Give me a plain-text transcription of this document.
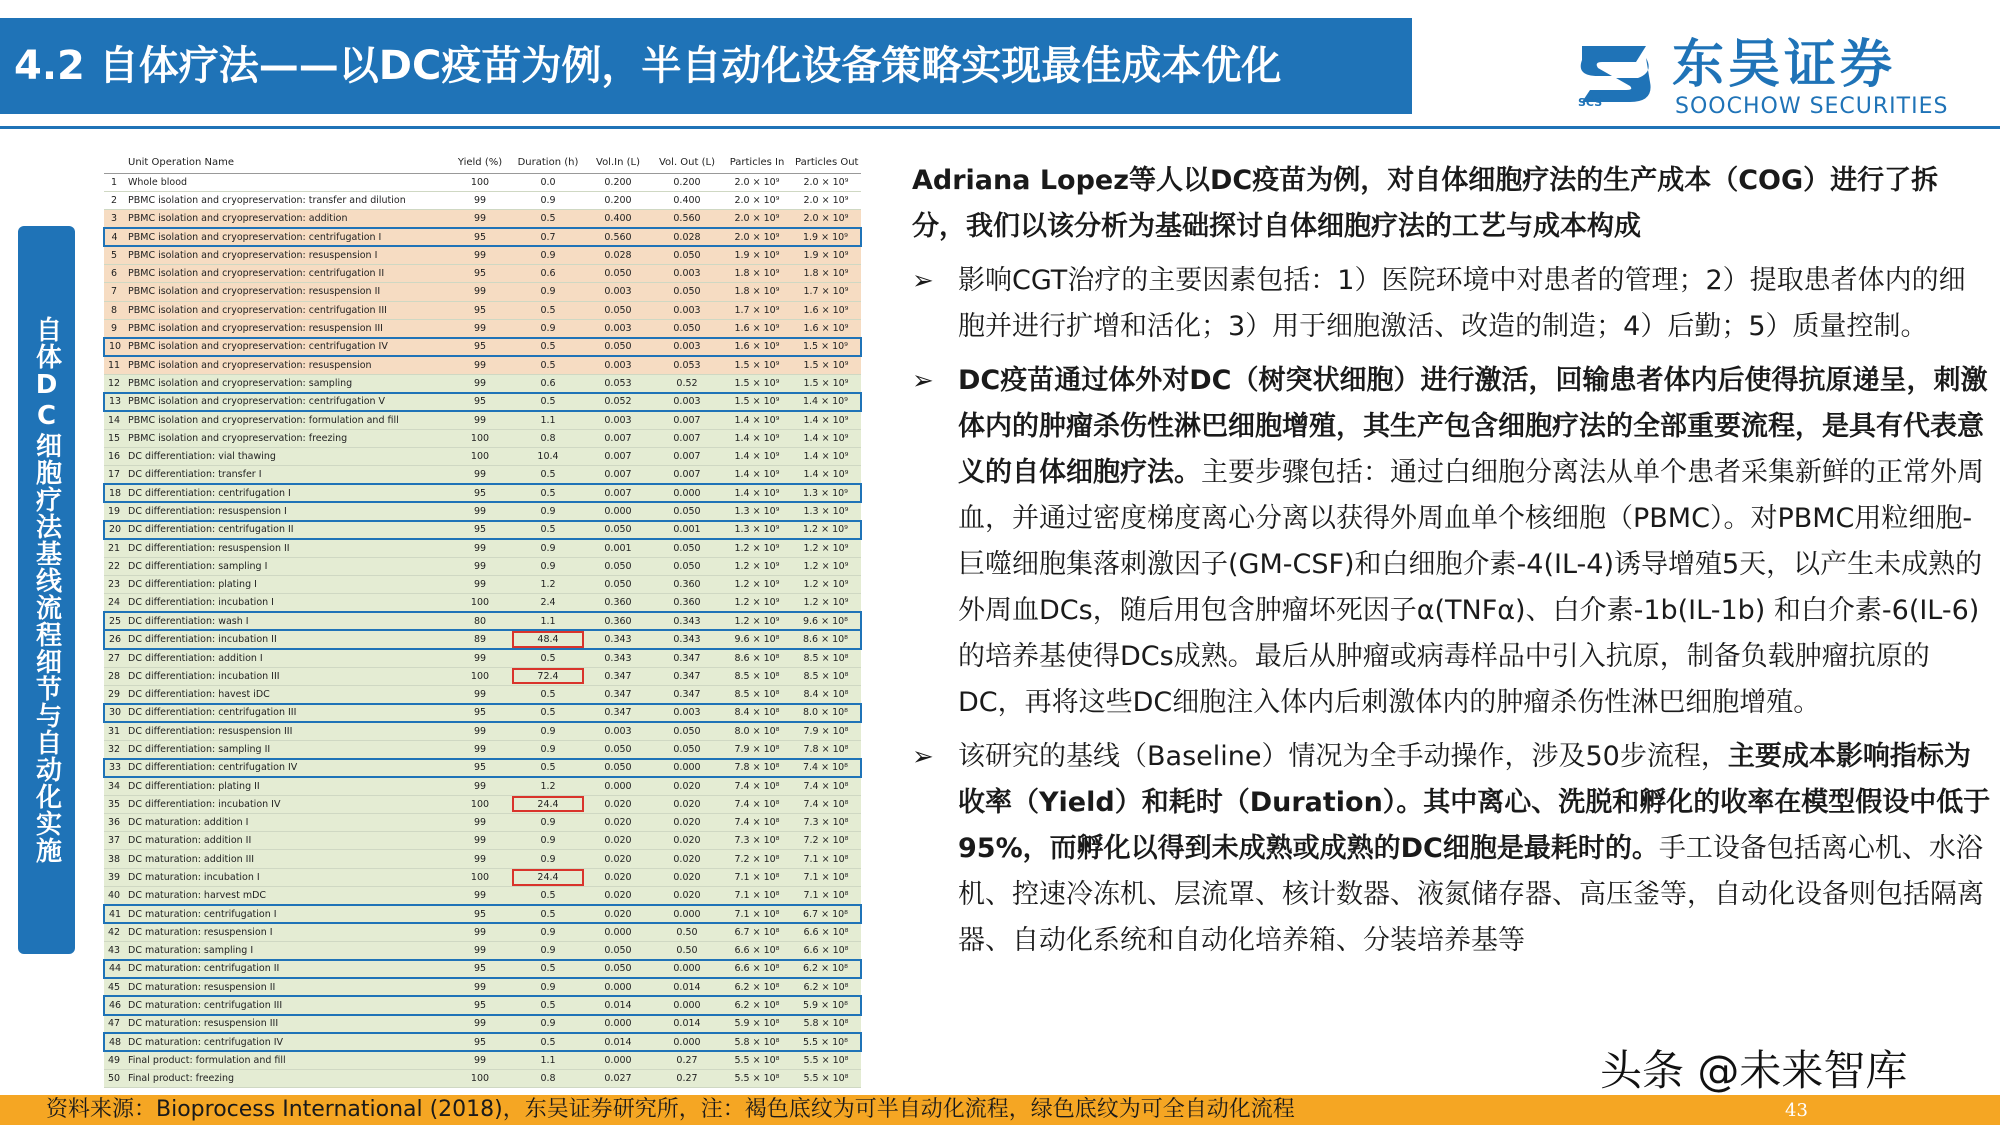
4.2 自体疗法——以DC疫苗为例，半自动化设备策略实现最佳成本优化
SCS
东吴证券
SOOCHOW SECURITIES
自体DC细胞疗法基线流程细节与自动化实施
	Unit Operation Name	Yield (%)	Duration (h)	Vol.In (L)	Vol. Out (L)	Particles In	Particles Out
1	Whole blood	100	0.0	0.200	0.200	2.0 × 10⁹	2.0 × 10⁹
2	PBMC isolation and cryopreservation: transfer and dilution	99	0.9	0.200	0.400	2.0 × 10⁹	2.0 × 10⁹
3	PBMC isolation and cryopreservation: addition	99	0.5	0.400	0.560	2.0 × 10⁹	2.0 × 10⁹
4	PBMC isolation and cryopreservation: centrifugation I	95	0.7	0.560	0.028	2.0 × 10⁹	1.9 × 10⁹
5	PBMC isolation and cryopreservation: resuspension I	99	0.9	0.028	0.050	1.9 × 10⁹	1.9 × 10⁹
6	PBMC isolation and cryopreservation: centrifugation II	95	0.6	0.050	0.003	1.8 × 10⁹	1.8 × 10⁹
7	PBMC isolation and cryopreservation: resuspension II	99	0.9	0.003	0.050	1.8 × 10⁹	1.7 × 10⁹
8	PBMC isolation and cryopreservation: centrifugation III	95	0.5	0.050	0.003	1.7 × 10⁹	1.6 × 10⁹
9	PBMC isolation and cryopreservation: resuspension III	99	0.9	0.003	0.050	1.6 × 10⁹	1.6 × 10⁹
10	PBMC isolation and cryopreservation: centrifugation IV	95	0.5	0.050	0.003	1.6 × 10⁹	1.5 × 10⁹
11	PBMC isolation and cryopreservation: resuspension	99	0.5	0.003	0.053	1.5 × 10⁹	1.5 × 10⁹
12	PBMC isolation and cryopreservation: sampling	99	0.6	0.053	0.52	1.5 × 10⁹	1.5 × 10⁹
13	PBMC isolation and cryopreservation: centrifugation V	95	0.5	0.052	0.003	1.5 × 10⁹	1.4 × 10⁹
14	PBMC isolation and cryopreservation: formulation and fill	99	1.1	0.003	0.007	1.4 × 10⁹	1.4 × 10⁹
15	PBMC isolation and cryopreservation: freezing	100	0.8	0.007	0.007	1.4 × 10⁹	1.4 × 10⁹
16	DC differentiation: vial thawing	100	10.4	0.007	0.007	1.4 × 10⁹	1.4 × 10⁹
17	DC differentiation: transfer I	99	0.5	0.007	0.007	1.4 × 10⁹	1.4 × 10⁹
18	DC differentiation: centrifugation I	95	0.5	0.007	0.000	1.4 × 10⁹	1.3 × 10⁹
19	DC differentiation: resuspension I	99	0.9	0.000	0.050	1.3 × 10⁹	1.3 × 10⁹
20	DC differentiation: centrifugation II	95	0.5	0.050	0.001	1.3 × 10⁹	1.2 × 10⁹
21	DC differentiation: resuspension II	99	0.9	0.001	0.050	1.2 × 10⁹	1.2 × 10⁹
22	DC differentiation: sampling I	99	0.9	0.050	0.050	1.2 × 10⁹	1.2 × 10⁹
23	DC differentiation: plating I	99	1.2	0.050	0.360	1.2 × 10⁹	1.2 × 10⁹
24	DC differentiation: incubation I	100	2.4	0.360	0.360	1.2 × 10⁹	1.2 × 10⁹
25	DC differentiation: wash I	80	1.1	0.360	0.343	1.2 × 10⁹	9.6 × 10⁸
26	DC differentiation: incubation II	89	48.4	0.343	0.343	9.6 × 10⁸	8.6 × 10⁸
27	DC differentiation: addition I	99	0.5	0.343	0.347	8.6 × 10⁸	8.5 × 10⁸
28	DC differentiation: incubation III	100	72.4	0.347	0.347	8.5 × 10⁸	8.5 × 10⁸
29	DC differentiation: havest iDC	99	0.5	0.347	0.347	8.5 × 10⁸	8.4 × 10⁸
30	DC differentiation: centrifugation III	95	0.5	0.347	0.003	8.4 × 10⁸	8.0 × 10⁸
31	DC differentiation: resuspension III	99	0.9	0.003	0.050	8.0 × 10⁸	7.9 × 10⁸
32	DC differentiation: sampling II	99	0.9	0.050	0.050	7.9 × 10⁸	7.8 × 10⁸
33	DC differentiation: centrifugation IV	95	0.5	0.050	0.000	7.8 × 10⁸	7.4 × 10⁸
34	DC differentiation: plating II	99	1.2	0.000	0.020	7.4 × 10⁸	7.4 × 10⁸
35	DC differentiation: incubation IV	100	24.4	0.020	0.020	7.4 × 10⁸	7.4 × 10⁸
36	DC maturation: addition I	99	0.9	0.020	0.020	7.4 × 10⁸	7.3 × 10⁸
37	DC maturation: addition II	99	0.9	0.020	0.020	7.3 × 10⁸	7.2 × 10⁸
38	DC maturation: addition III	99	0.9	0.020	0.020	7.2 × 10⁸	7.1 × 10⁸
39	DC maturation: incubation I	100	24.4	0.020	0.020	7.1 × 10⁸	7.1 × 10⁸
40	DC maturation: harvest mDC	99	0.5	0.020	0.020	7.1 × 10⁸	7.1 × 10⁸
41	DC maturation: centrifugation I	95	0.5	0.020	0.000	7.1 × 10⁸	6.7 × 10⁸
42	DC maturation: resuspension I	99	0.9	0.000	0.50	6.7 × 10⁸	6.6 × 10⁸
43	DC maturation: sampling I	99	0.9	0.050	0.50	6.6 × 10⁸	6.6 × 10⁸
44	DC maturation: centrifugation II	95	0.5	0.050	0.000	6.6 × 10⁸	6.2 × 10⁸
45	DC maturation: resuspension II	99	0.9	0.000	0.014	6.2 × 10⁸	6.2 × 10⁸
46	DC maturation: centrifugation III	95	0.5	0.014	0.000	6.2 × 10⁸	5.9 × 10⁸
47	DC maturation: resuspension III	99	0.9	0.000	0.014	5.9 × 10⁸	5.8 × 10⁸
48	DC maturation: centrifugation IV	95	0.5	0.014	0.000	5.8 × 10⁸	5.5 × 10⁸
49	Final product: formulation and fill	99	1.1	0.000	0.27	5.5 × 10⁸	5.5 × 10⁸
50	Final product: freezing	100	0.8	0.027	0.27	5.5 × 10⁸	5.5 × 10⁸
Adriana Lopez等人以DC疫苗为例，对自体细胞疗法的生产成本（COG）进行了拆分，我们以该分析为基础探讨自体细胞疗法的工艺与成本构成
➢ 影响CGT治疗的主要因素包括：1）医院环境中对患者的管理；2）提取患者体内的细胞并进行扩增和活化；3）用于细胞激活、改造的制造；4）后勤；5）质量控制。
➢ DC疫苗通过体外对DC（树突状细胞）进行激活，回输患者体内后使得抗原递呈，刺激体内的肿瘤杀伤性淋巴细胞增殖，其生产包含细胞疗法的全部重要流程，是具有代表意义的自体细胞疗法。主要步骤包括：通过白细胞分离法从单个患者采集新鲜的正常外周血，并通过密度梯度离心分离以获得外周血单个核细胞（PBMC）。对PBMC用粒细胞-巨噬细胞集落刺激因子(GM-CSF)和白细胞介素-4(IL-4)诱导增殖5天，以产生未成熟的外周血DCs，随后用包含肿瘤坏死因子α(TNFα)、白介素-1b(IL-1b) 和白介素-6(IL-6)的培养基使得DCs成熟。最后从肿瘤或病毒样品中引入抗原，制备负载肿瘤抗原的DC，再将这些DC细胞注入体内后刺激体内的肿瘤杀伤性淋巴细胞增殖。
➢ 该研究的基线（Baseline）情况为全手动操作，涉及50步流程，主要成本影响指标为收率（Yield）和耗时（Duration）。其中离心、洗脱和孵化的收率在模型假设中低于95%，而孵化以得到未成熟或成熟的DC细胞是最耗时的。手工设备包括离心机、水浴机、控速冷冻机、层流罩、核计数器、液氮储存器、高压釜等，自动化设备则包括隔离器、自动化系统和自动化培养箱、分装培养基等
头条 @未来智库
资料来源：Bioprocess International (2018)，东吴证券研究所，注：褐色底纹为可半自动化流程，绿色底纹为可全自动化流程	43
